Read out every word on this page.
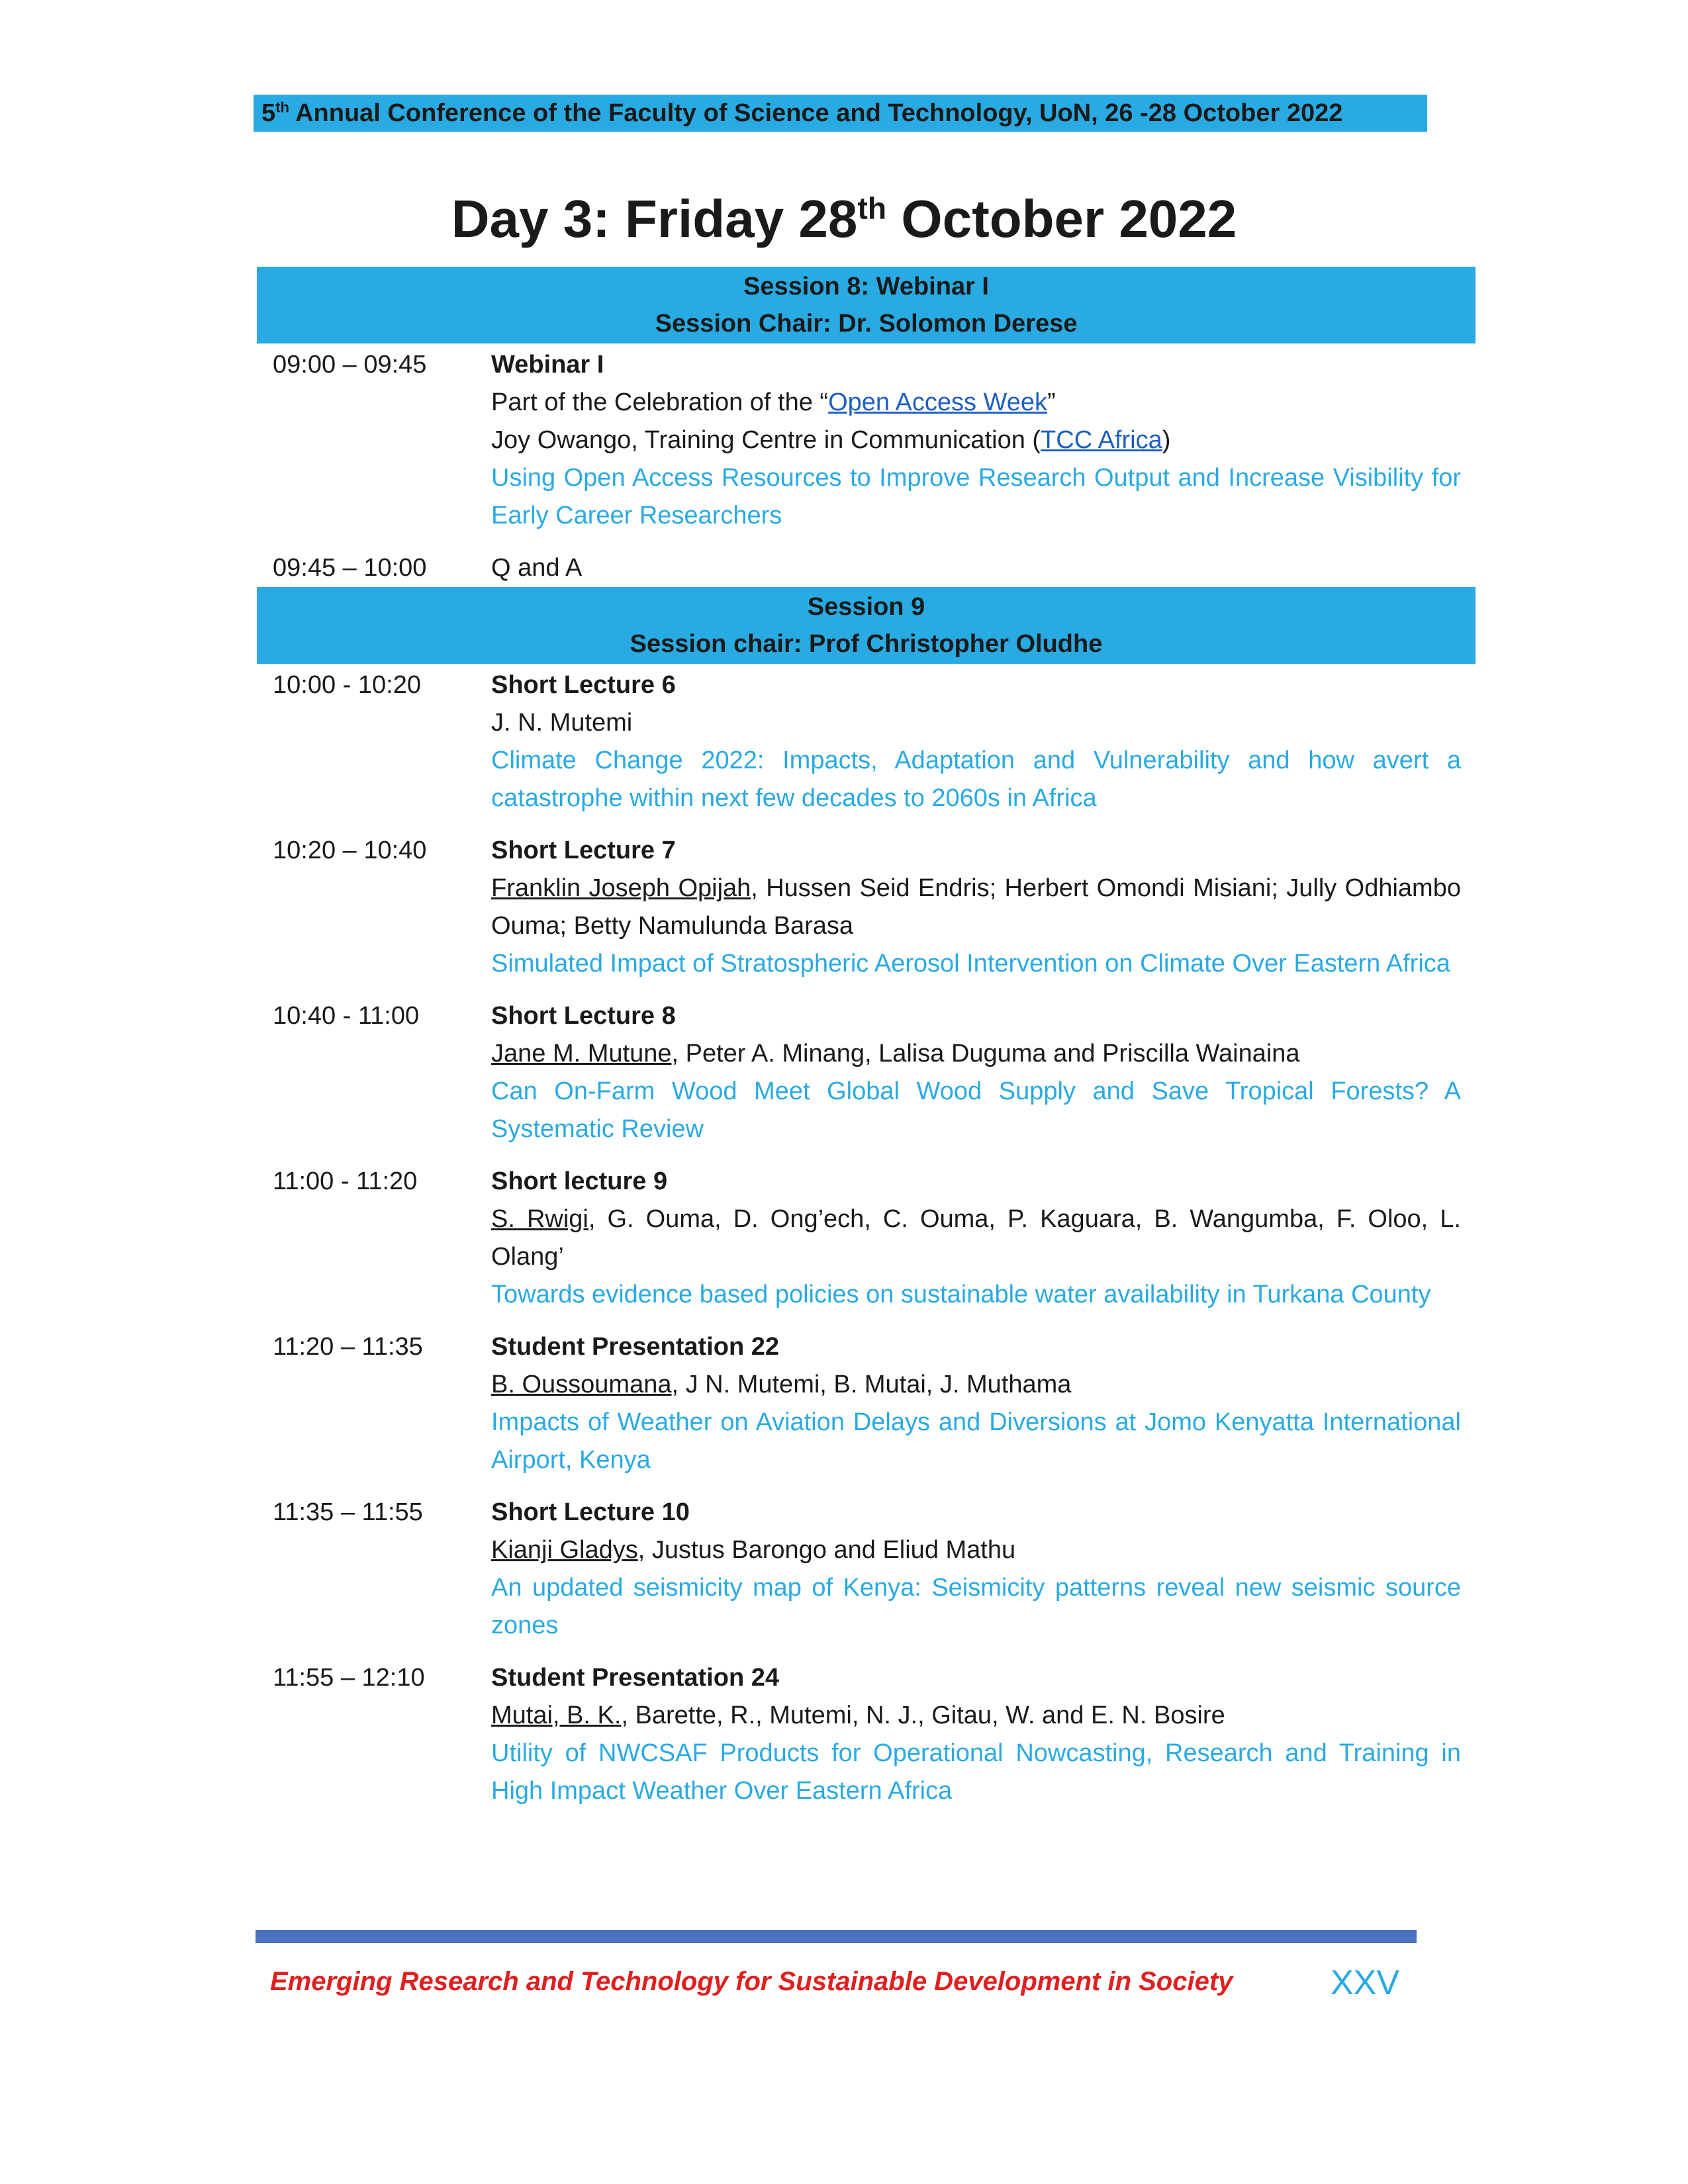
5th Annual Conference of the Faculty of Science and Technology, UoN, 26 -28 October 2022
Day 3: Friday 28th October 2022
Session 8: Webinar I
Session Chair: Dr. Solomon Derese
09:00 – 09:45	Webinar I
Part of the Celebration of the “Open Access Week”
Joy Owango, Training Centre in Communication (TCC Africa)
Using Open Access Resources to Improve Research Output and Increase Visibility for Early Career Researchers
09:45 – 10:00	Q and A
Session 9
Session chair: Prof Christopher Oludhe
10:00 - 10:20	Short Lecture 6
J. N. Mutemi
Climate Change 2022: Impacts, Adaptation and Vulnerability and how avert a catastrophe within next few decades to 2060s in Africa
10:20 – 10:40	Short Lecture 7
Franklin Joseph Opijah, Hussen Seid Endris; Herbert Omondi Misiani; Jully Odhiambo Ouma; Betty Namulunda Barasa
Simulated Impact of Stratospheric Aerosol Intervention on Climate Over Eastern Africa
10:40 - 11:00	Short Lecture 8
Jane M. Mutune, Peter A. Minang, Lalisa Duguma and Priscilla Wainaina
Can On-Farm Wood Meet Global Wood Supply and Save Tropical Forests? A Systematic Review
11:00 - 11:20	Short lecture 9
S. Rwigi, G. Ouma, D. Ong’ech, C. Ouma, P. Kaguara, B. Wangumba, F. Oloo, L. Olang’
Towards evidence based policies on sustainable water availability in Turkana County
11:20 – 11:35	Student Presentation 22
B. Oussoumana, J N. Mutemi, B. Mutai, J. Muthama
Impacts of Weather on Aviation Delays and Diversions at Jomo Kenyatta International Airport, Kenya
11:35 – 11:55	Short Lecture 10
Kianji Gladys, Justus Barongo and Eliud Mathu
An updated seismicity map of Kenya: Seismicity patterns reveal new seismic source zones
11:55 – 12:10	Student Presentation 24
Mutai, B. K., Barette, R., Mutemi, N. J., Gitau, W. and E. N. Bosire
Utility of NWCSAF Products for Operational Nowcasting, Research and Training in High Impact Weather Over Eastern Africa
Emerging Research and Technology for Sustainable Development in Society	XXV
